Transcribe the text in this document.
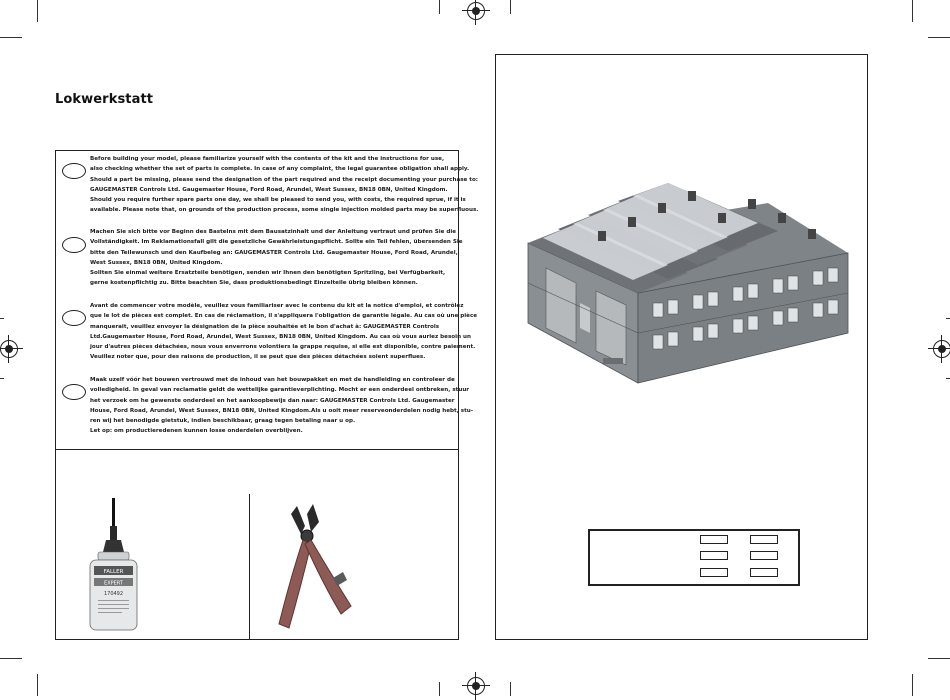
Lokwerkstatt

Before building your model, please familiarize yourself with the contents of the kit and the instructions for use,

also checking whether the set of parts is complete. In case of any complaint, the legal guarantee obligation shall apply.

Should a part be missing, please send the designation of the part required and the receipt documenting your purchase to:

GAUGEMASTER Controls Ltd. Gaugemaster House, Ford Road, Arundel, West Sussex, BN18 0BN, United Kingdom.

Should you require further spare parts one day, we shall be pleased to send you, with costs, the required sprue, if it is

available. Please note that, on grounds of the production process, some single injection molded parts may be superfluous.

Machen Sie sich bitte vor Beginn des Bastelns mit dem Bausatzinhalt und der Anleitung vertraut und prüfen Sie die

Vollständigkeit. Im Reklamationsfall gilt die gesetzliche Gewährleistungspflicht. Sollte ein Teil fehlen, übersenden Sie

bitte den Teilewunsch und den Kaufbeleg an: GAUGEMASTER Controls Ltd. Gaugemaster House, Ford Road, Arundel,

West Sussex, BN18 0BN, United Kingdom.

Sollten Sie einmal weitere Ersatzteile benötigen, senden wir Ihnen den benötigten Spritzling, bei Verfügbarkeit,

gerne kostenpflichtig zu. Bitte beachten Sie, dass produktionsbedingt Einzelteile übrig bleiben können.

Avant de commencer votre modèle, veuillez vous familiariser avec le contenu du kit et la notice d'emploi, et contrôlez

que le lot de pièces est complet. En cas de réclamation, il s'appliquera l'obligation de garantie légale. Au cas où une pièce

manquerait, veuillez envoyer la désignation de la pièce souhaitée et le bon d'achat à: GAUGEMASTER Controls

Ltd.Gaugemaster House, Ford Road, Arundel, West Sussex, BN18 0BN, United Kingdom. Au cas où vous auriez besoin un

jour d'autres pièces détachées, nous vous enverrons volontiers la grappe requise, si elle est disponible, contre paiement.

Veuillez noter que, pour des raisons de production, il se peut que des pièces détachées soient superflues.

Maak uzelf vóór het bouwen vertrouwd met de inhoud van het bouwpakket en met de handleiding en controleer de

volledigheid. In geval van reclamatie geldt de wettelijke garantieverplichting. Mocht er een onderdeel ontbreken, stuur

het verzoek om he gewenste onderdeel en het aankoopbewijs dan naar: GAUGEMASTER Controls Ltd. Gaugemaster

House, Ford Road, Arundel, West Sussex, BN18 0BN, United Kingdom.Als u ooit meer reserveonderdelen nodig hebt, stu-

ren wij het benodigde gietstuk, indien beschikbaar, graag tegen betaling naar u op.

Let op: om productieredenen kunnen losse onderdelen overblijven.

FALLER
EXPERT
170492
